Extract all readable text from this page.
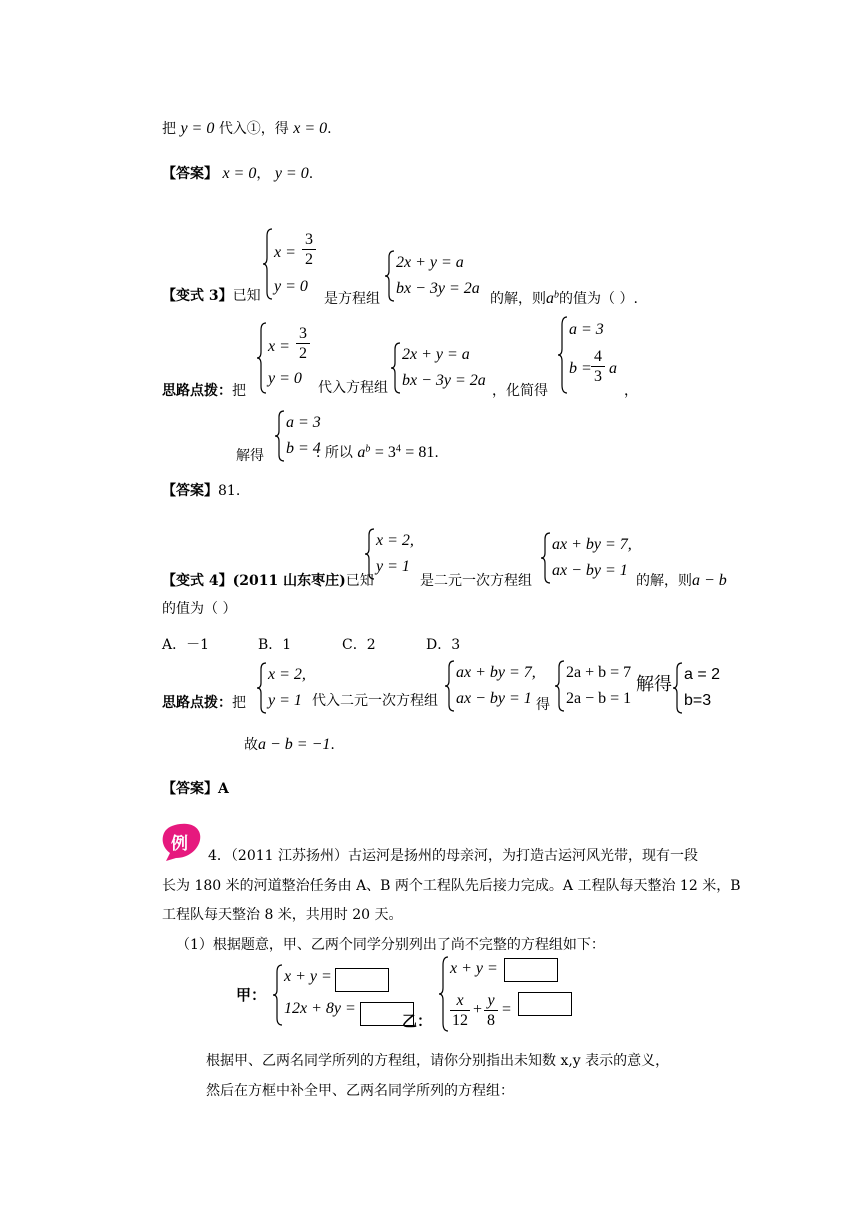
把 y = 0 代入①，得 x = 0.
【答案】 x = 0， y = 0.
x =
3
2
y = 0
【变式 3】已知	是方程组
2x + y = a
bx − 3y = 2a
的解，则$a^b$的值为（ ）.
x =
3
2
y = 0
思路点拨：把	代入方程组
2x + y = a
bx − 3y = 2a
，化简得
a = 3
b =
4
3 a
，
解得
a = 3
b = 4
. 所以 $a^b = 3^4 = 81$.
【答案】81.
x = 2,
y = 1
【变式 4】(2011 山东枣庄)已知	是二元一次方程组
ax + by = 7,
ax − by = 1
的解，则a − b
的值为（ ）
A．－1	B．1	C．2	D．3
x = 2,
y = 1
思路点拨：把	代入二元一次方程组
ax + by = 7,
ax − by = 1 得
2a + b = 7
2a − b = 1
解得 a = 2
b=3
故a − b = −1.
【答案】A
例
4．（2011 江苏扬州）古运河是扬州的母亲河，为打造古运河风光带，现有一段
长为 180 米的河道整治任务由 A、B 两个工程队先后接力完成。A 工程队每天整治 12 米，B
工程队每天整治 8 米，共用时 20 天。
（1）根据题意，甲、乙两个同学分别列出了尚不完整的方程组如下：
甲：
x + y =
12x + 8y =
乙：
x + y =
x
12
+
y
8
=
根据甲、乙两名同学所列的方程组，请你分别指出未知数 x,y 表示的意义，
然后在方框中补全甲、乙两名同学所列的方程组：
